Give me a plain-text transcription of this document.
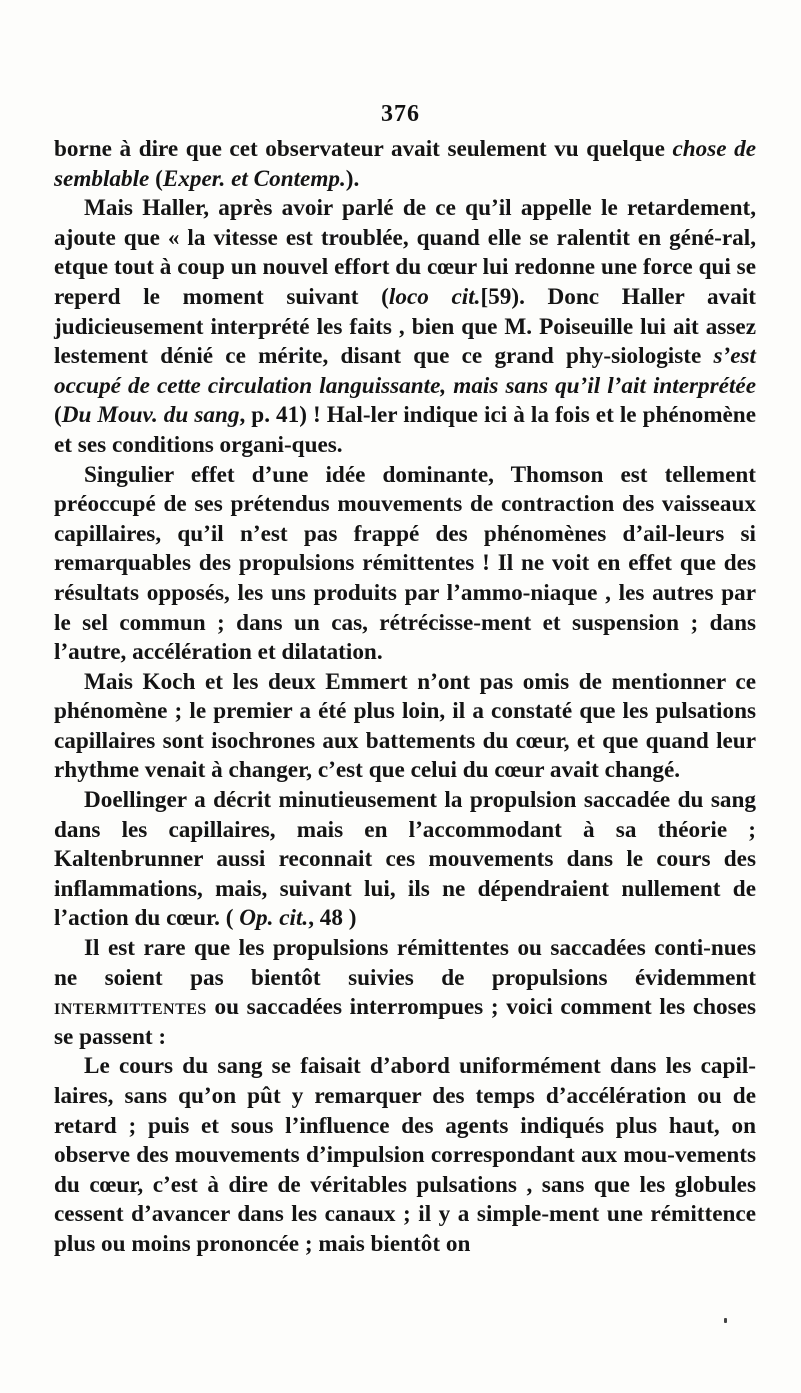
376

borne à dire que cet observateur avait seulement vu quelque chose de semblable (Exper. et Contemp.).

Mais Haller, après avoir parlé de ce qu’il appelle le retardement, ajoute que « la vitesse est troublée, quand elle se ralentit en géné-ral, etque tout à coup un nouvel effort du cœur lui redonne une force qui se reperd le moment suivant (loco cit.[59). Donc Haller avait judicieusement interprété les faits , bien que M. Poiseuille lui ait assez lestement dénié ce mérite, disant que ce grand phy-siologiste s’est occupé de cette circulation languissante, mais sans qu’il l’ait interprétée (Du Mouv. du sang, p. 41) ! Hal-ler indique ici à la fois et le phénomène et ses conditions organi-ques.

Singulier effet d’une idée dominante, Thomson est tellement préoccupé de ses prétendus mouvements de contraction des vaisseaux capillaires, qu’il n’est pas frappé des phénomènes d’ail-leurs si remarquables des propulsions rémittentes ! Il ne voit en effet que des résultats opposés, les uns produits par l’ammo-niaque , les autres par le sel commun ; dans un cas, rétrécisse-ment et suspension ; dans l’autre, accélération et dilatation.

Mais Koch et les deux Emmert n’ont pas omis de mentionner ce phénomène ; le premier a été plus loin, il a constaté que les pulsations capillaires sont isochrones aux battements du cœur, et que quand leur rhythme venait à changer, c’est que celui du cœur avait changé.

Doellinger a décrit minutieusement la propulsion saccadée du sang dans les capillaires, mais en l’accommodant à sa théorie ; Kaltenbrunner aussi reconnait ces mouvements dans le cours des inflammations, mais, suivant lui, ils ne dépendraient nullement de l’action du cœur. ( Op. cit., 48 )

Il est rare que les propulsions rémittentes ou saccadées conti-nues ne soient pas bientôt suivies de propulsions évidemment intermittentes ou saccadées interrompues ; voici comment les choses se passent :

Le cours du sang se faisait d’abord uniformément dans les capil-laires, sans qu’on pût y remarquer des temps d’accélération ou de retard ; puis et sous l’influence des agents indiqués plus haut, on observe des mouvements d’impulsion correspondant aux mou-vements du cœur, c’est à dire de véritables pulsations , sans que les globules cessent d’avancer dans les canaux ; il y a simple-ment une rémittence plus ou moins prononcée ; mais bientôt on
